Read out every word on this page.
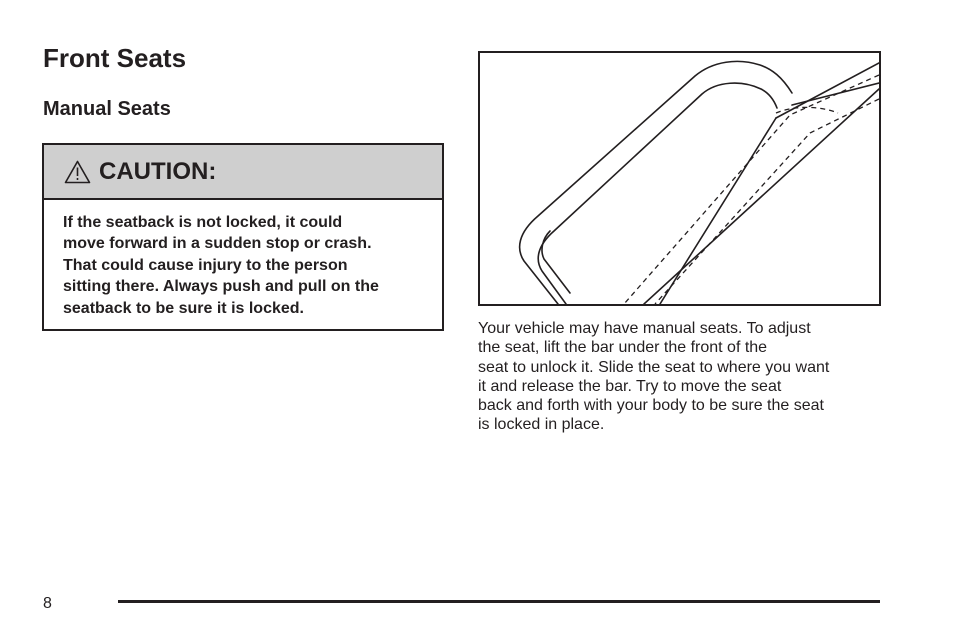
Front Seats
Manual Seats
CAUTION:
If the seatback is not locked, it could
move forward in a sudden stop or crash.
That could cause injury to the person
sitting there. Always push and pull on the
seatback to be sure it is locked.

Your vehicle may have manual seats. To adjust
the seat, lift the bar under the front of the
seat to unlock it. Slide the seat to where you want
it and release the bar. Try to move the seat
back and forth with your body to be sure the seat
is locked in place.

8
